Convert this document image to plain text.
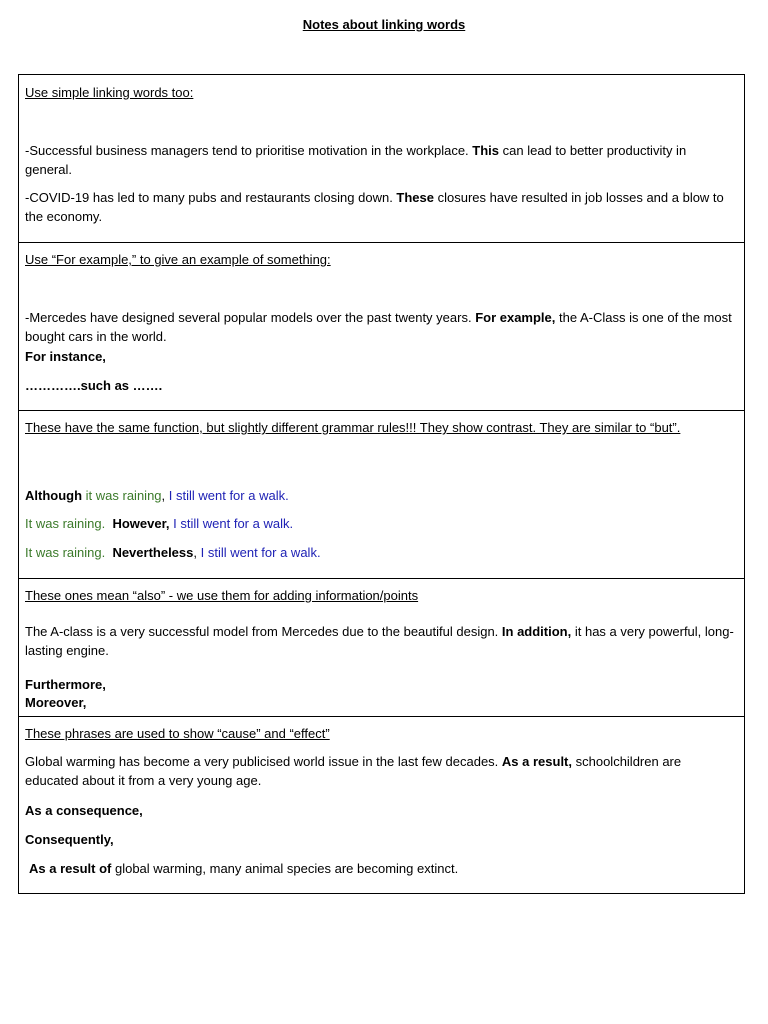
Notes about linking words
Use simple linking words too:
-Successful business managers tend to prioritise motivation in the workplace. This can lead to better productivity in general.
-COVID-19 has led to many pubs and restaurants closing down. These closures have resulted in job losses and a blow to the economy.
Use “For example,” to give an example of something:
-Mercedes have designed several popular models over the past twenty years. For example, the A-Class is one of the most bought cars in the world.
For instance,
………….such as …….
These have the same function, but slightly different grammar rules!!! They show contrast. They are similar to “but”.
Although it was raining, I still went for a walk.
It was raining. However, I still went for a walk.
It was raining. Nevertheless, I still went for a walk.
These ones mean “also” - we use them for adding information/points
The A-class is a very successful model from Mercedes due to the beautiful design. In addition, it has a very powerful, long-lasting engine.
Furthermore,
Moreover,
These phrases are used to show “cause” and “effect”
Global warming has become a very publicised world issue in the last few decades. As a result, schoolchildren are educated about it from a very young age.
As a consequence,
Consequently,
As a result of global warming, many animal species are becoming extinct.
